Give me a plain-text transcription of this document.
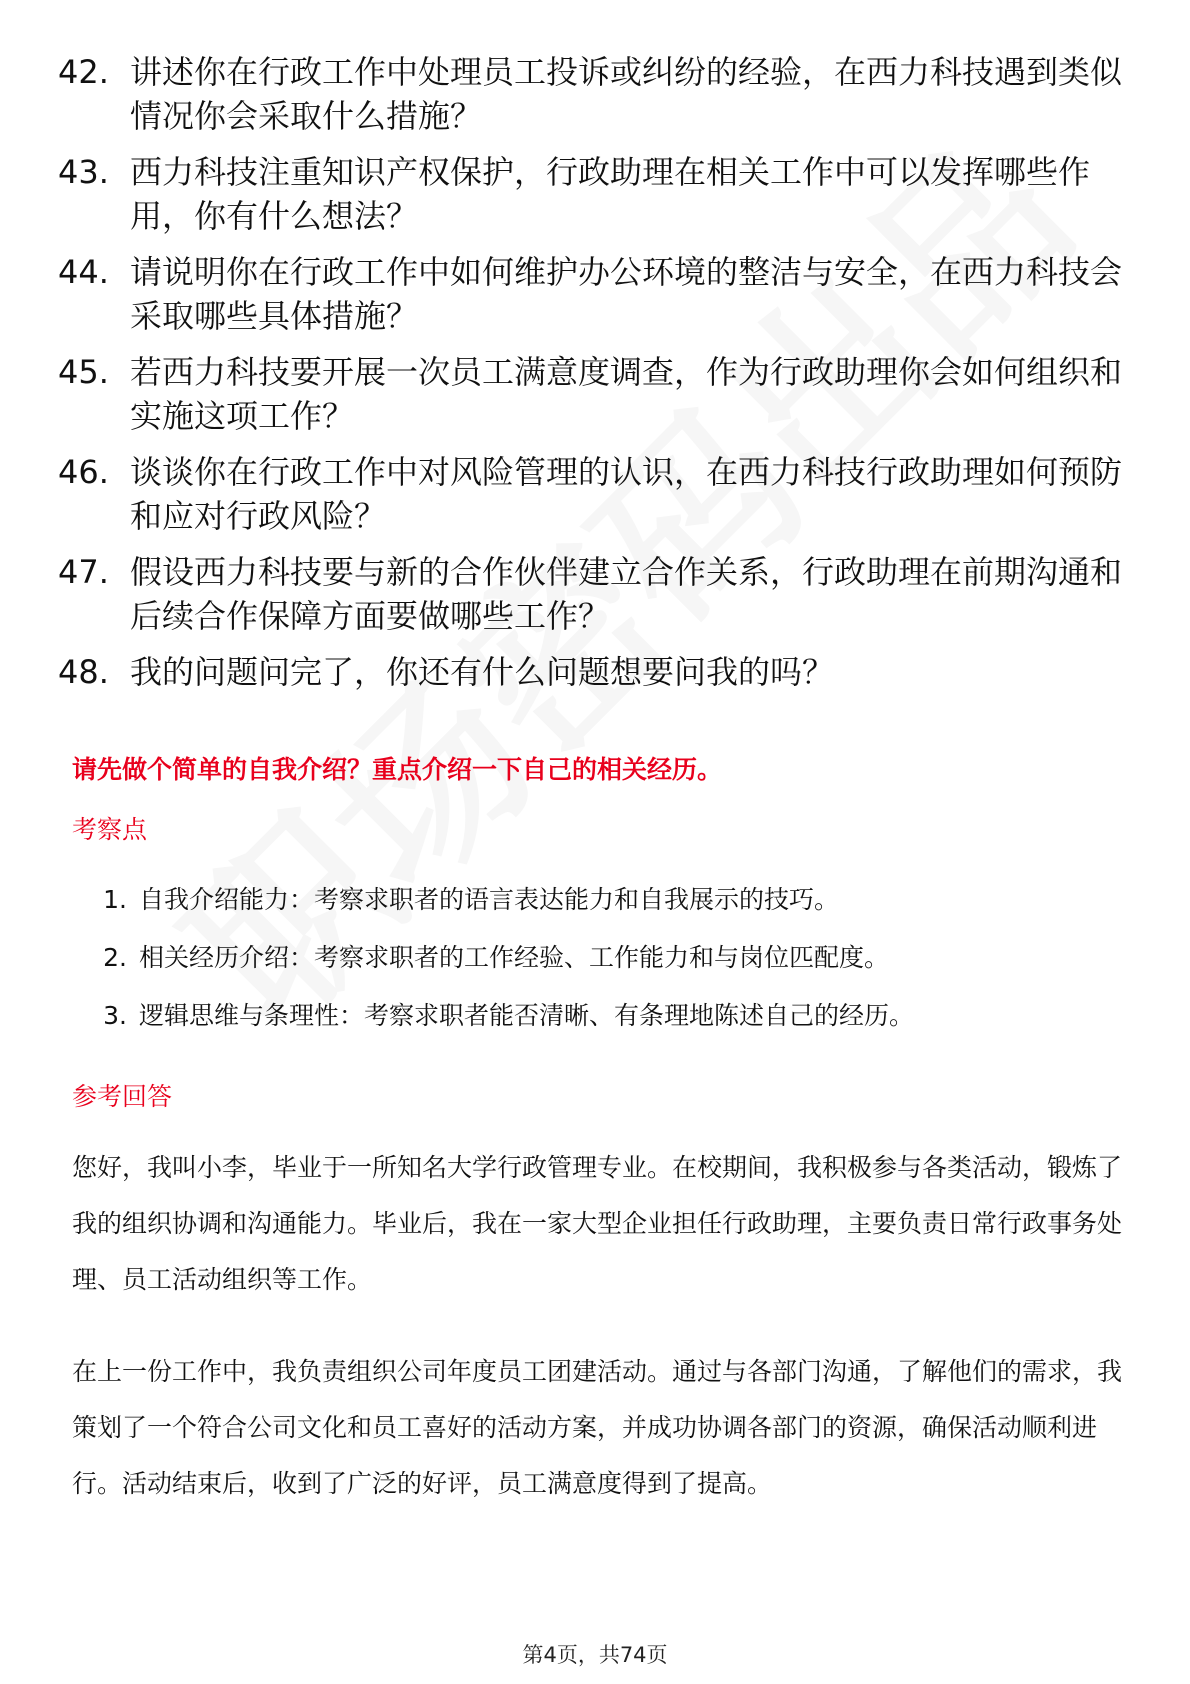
42. 讲述你在行政工作中处理员工投诉或纠纷的经验，在西力科技遇到类似情况你会采取什么措施？
43. 西力科技注重知识产权保护，行政助理在相关工作中可以发挥哪些作用，你有什么想法？
44. 请说明你在行政工作中如何维护办公环境的整洁与安全，在西力科技会采取哪些具体措施？
45. 若西力科技要开展一次员工满意度调查，作为行政助理你会如何组织和实施这项工作？
46. 谈谈你在行政工作中对风险管理的认识，在西力科技行政助理如何预防和应对行政风险？
47. 假设西力科技要与新的合作伙伴建立合作关系，行政助理在前期沟通和后续合作保障方面要做哪些工作？
48. 我的问题问完了，你还有什么问题想要问我的吗？
请先做个简单的自我介绍？重点介绍一下自己的相关经历。
考察点
1. 自我介绍能力：考察求职者的语言表达能力和自我展示的技巧。
2. 相关经历介绍：考察求职者的工作经验、工作能力和与岗位匹配度。
3. 逻辑思维与条理性：考察求职者能否清晰、有条理地陈述自己的经历。
参考回答

您好，我叫小李，毕业于一所知名大学行政管理专业。在校期间，我积极参与各类活动，锻炼了我的组织协调和沟通能力。毕业后，我在一家大型企业担任行政助理，主要负责日常行政事务处理、员工活动组织等工作。

在上一份工作中，我负责组织公司年度员工团建活动。通过与各部门沟通，了解他们的需求，我策划了一个符合公司文化和员工喜好的活动方案，并成功协调各部门的资源，确保活动顺利进行。活动结束后，收到了广泛的好评，员工满意度得到了提高。

第4页，共74页
